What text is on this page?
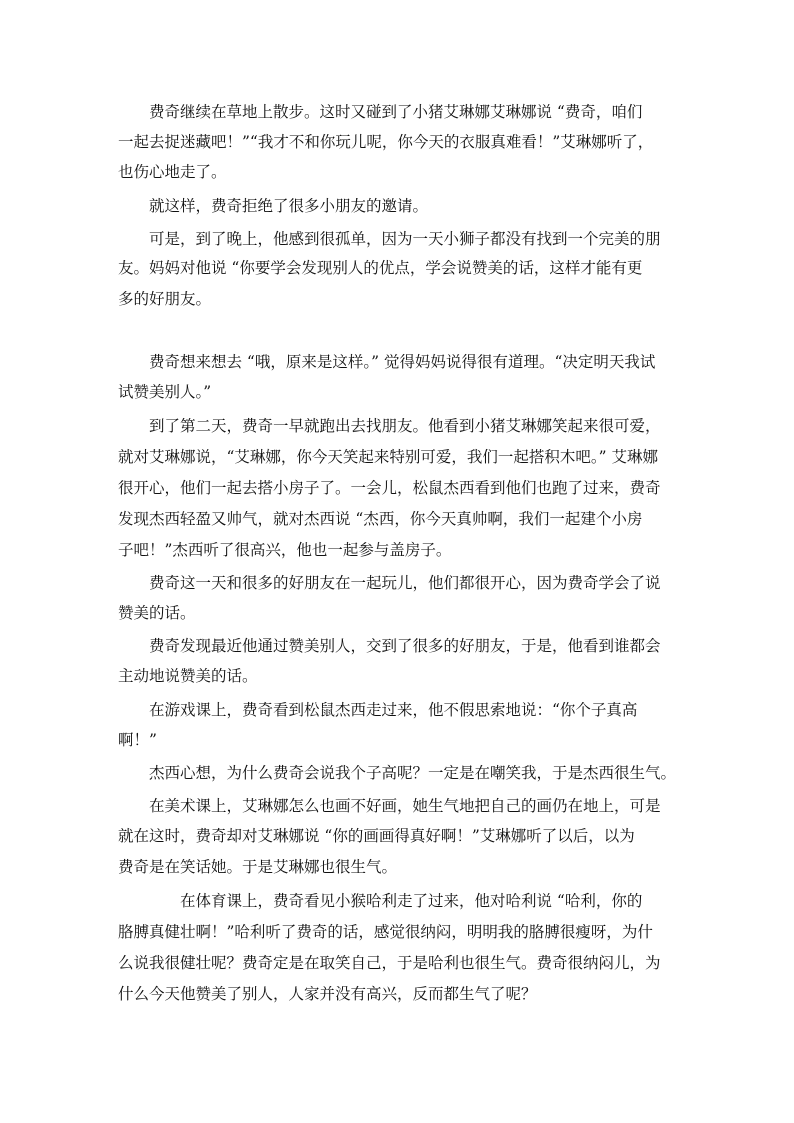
　　费奇继续在草地上散步。这时又碰到了小猪艾琳娜艾琳娜说 “费奇，咱们

一起去捉迷藏吧！”“我才不和你玩儿呢，你今天的衣服真难看！”艾琳娜听了，

也伤心地走了。

　　就这样，费奇拒绝了很多小朋友的邀请。

　　可是，到了晚上，他感到很孤单，因为一天小狮子都没有找到一个完美的朋

友。妈妈对他说 “你要学会发现别人的优点，学会说赞美的话，这样才能有更

多的好朋友。

　　费奇想来想去 “哦，原来是这样。” 觉得妈妈说得很有道理。“决定明天我试

试赞美别人。”

　　到了第二天，费奇一早就跑出去找朋友。他看到小猪艾琳娜笑起来很可爱，

就对艾琳娜说，“艾琳娜，你今天笑起来特别可爱，我们一起搭积木吧。” 艾琳娜

很开心，他们一起去搭小房子了。一会儿，松鼠杰西看到他们也跑了过来，费奇

发现杰西轻盈又帅气，就对杰西说 “杰西，你今天真帅啊，我们一起建个小房

子吧！”杰西听了很高兴，他也一起参与盖房子。

　　费奇这一天和很多的好朋友在一起玩儿，他们都很开心，因为费奇学会了说

赞美的话。

　　费奇发现最近他通过赞美别人，交到了很多的好朋友，于是，他看到谁都会

主动地说赞美的话。

　　在游戏课上，费奇看到松鼠杰西走过来，他不假思索地说：“你个子真高

啊！”

　　杰西心想，为什么费奇会说我个子高呢？一定是在嘲笑我，于是杰西很生气。

　　在美术课上，艾琳娜怎么也画不好画，她生气地把自己的画仍在地上，可是

就在这时，费奇却对艾琳娜说 “你的画画得真好啊！”艾琳娜听了以后，以为

费奇是在笑话她。于是艾琳娜也很生气。

　　　　在体育课上，费奇看见小猴哈利走了过来，他对哈利说 “哈利，你的

胳膊真健壮啊！”哈利听了费奇的话，感觉很纳闷，明明我的胳膊很瘦呀，为什

么说我很健壮呢？费奇定是在取笑自己，于是哈利也很生气。费奇很纳闷儿，为

什么今天他赞美了别人，人家并没有高兴，反而都生气了呢？
